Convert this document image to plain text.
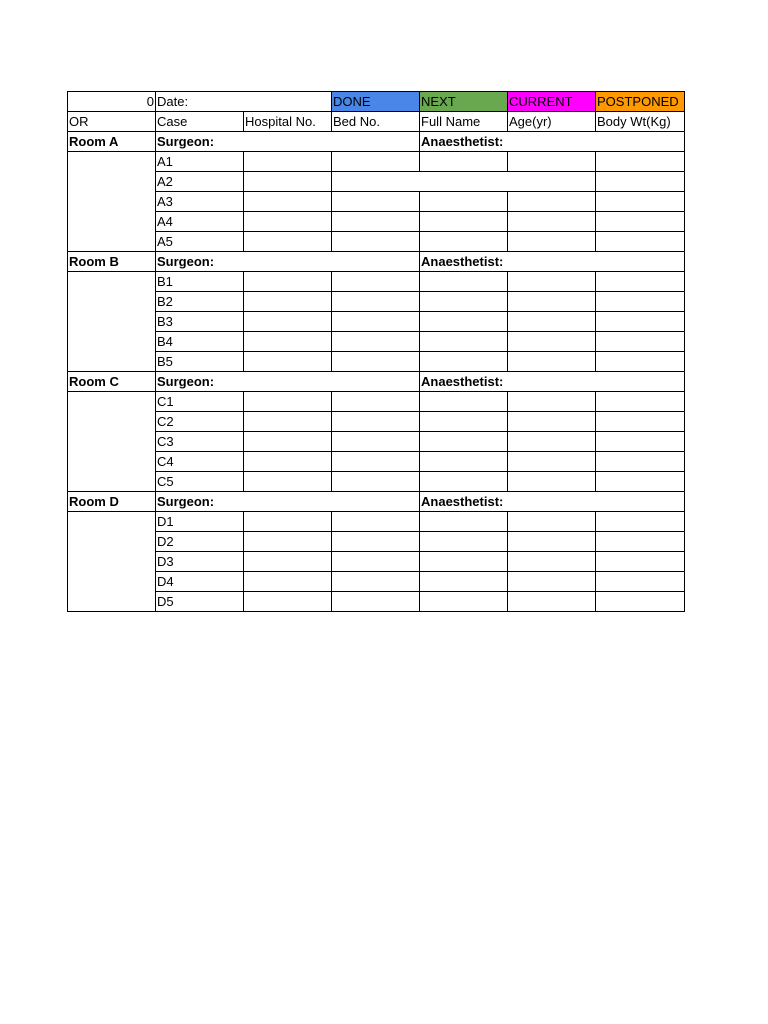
0	Date:		DONE	NEXT	CURRENT	POSTPONED	
OR	Case	Hospital No.	Bed No.	Full Name	Age(yr)	Body Wt(Kg)	
Room A	Surgeon:			Anaesthetist:			
	A1						
	A2						
	A3						
	A4						
	A5						
Room B	Surgeon:			Anaesthetist:			
	B1						
	B2						
	B3						
	B4						
	B5						
Room C	Surgeon:			Anaesthetist:			
	C1						
	C2						
	C3						
	C4						
	C5						
Room D	Surgeon:			Anaesthetist:			
	D1						
	D2						
	D3						
	D4						
	D5						
